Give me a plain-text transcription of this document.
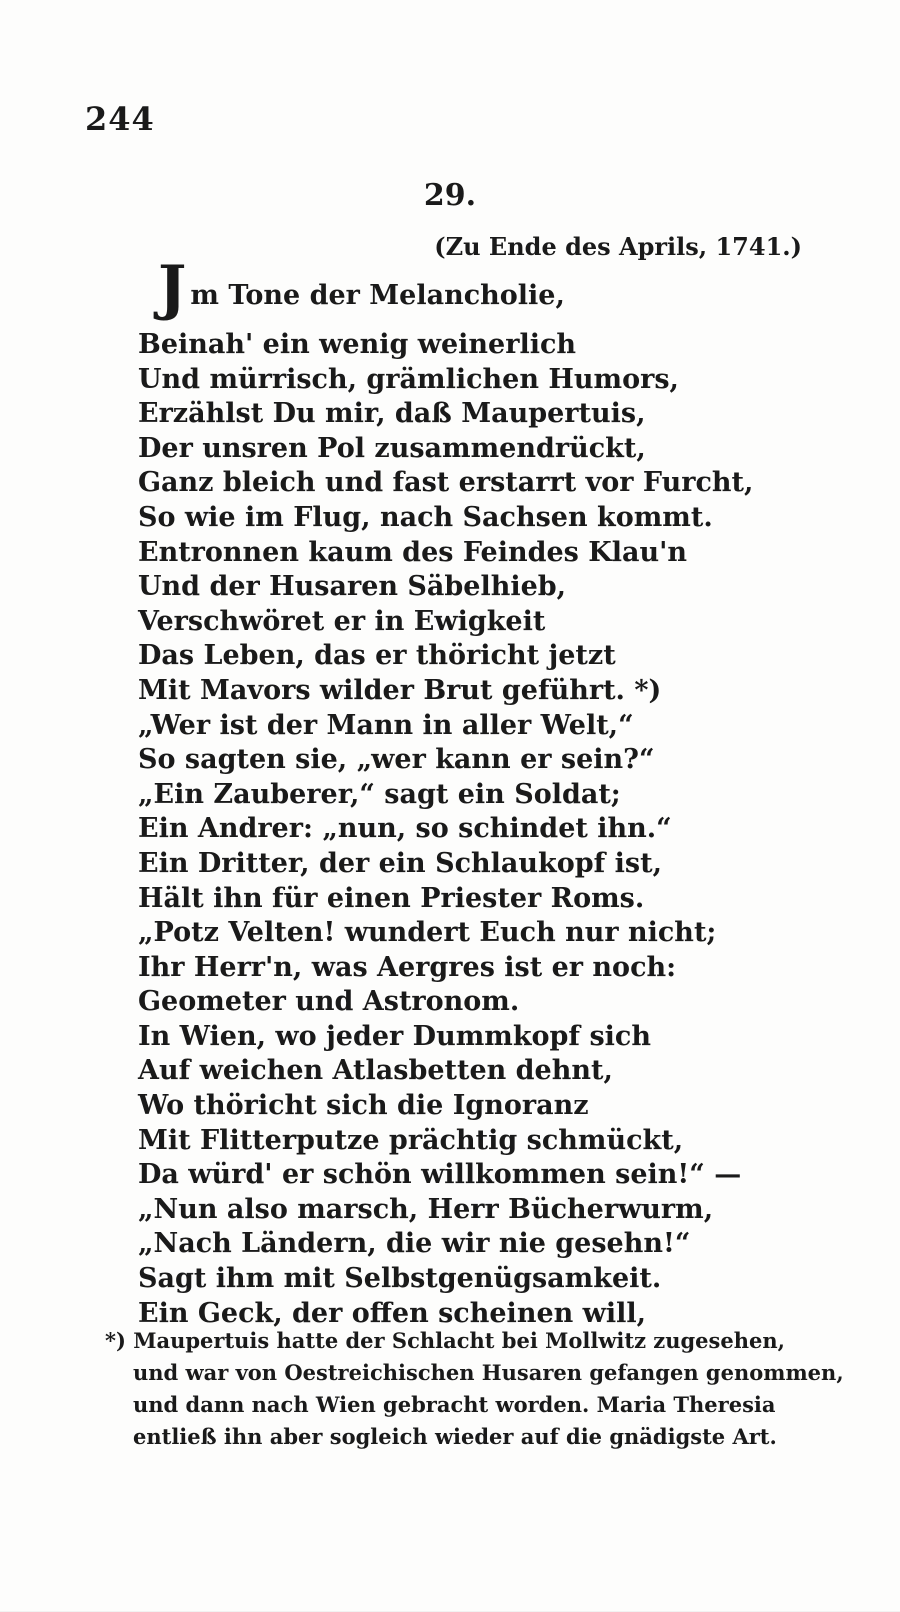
244
29.
(Zu Ende des Aprils, 1741.)
Jm Tone der Melancholie,
Beinah' ein wenig weinerlich
Und mürrisch, grämlichen Humors,
Erzählst Du mir, daß Maupertuis,
Der unsren Pol zusammendrückt,
Ganz bleich und fast erstarrt vor Furcht,
So wie im Flug, nach Sachsen kommt.
Entronnen kaum des Feindes Klau'n
Und der Husaren Säbelhieb,
Verschwöret er in Ewigkeit
Das Leben, das er thöricht jetzt
Mit Mavors wilder Brut geführt. *)
„Wer ist der Mann in aller Welt,“
So sagten sie, „wer kann er sein?“
„Ein Zauberer,“ sagt ein Soldat;
Ein Andrer: „nun, so schindet ihn.“
Ein Dritter, der ein Schlaukopf ist,
Hält ihn für einen Priester Roms.
„Potz Velten! wundert Euch nur nicht;
Ihr Herr'n, was Aergres ist er noch:
Geometer und Astronom.
In Wien, wo jeder Dummkopf sich
Auf weichen Atlasbetten dehnt,
Wo thöricht sich die Ignoranz
Mit Flitterputze prächtig schmückt,
Da würd' er schön willkommen sein!“ —
„Nun also marsch, Herr Bücherwurm,
„Nach Ländern, die wir nie gesehn!“
Sagt ihm mit Selbstgenügsamkeit.
Ein Geck, der offen scheinen will,
*) Maupertuis hatte der Schlacht bei Mollwitz zugesehen,
und war von Oestreichischen Husaren gefangen genommen,
und dann nach Wien gebracht worden. Maria Theresia
entließ ihn aber sogleich wieder auf die gnädigste Art.
